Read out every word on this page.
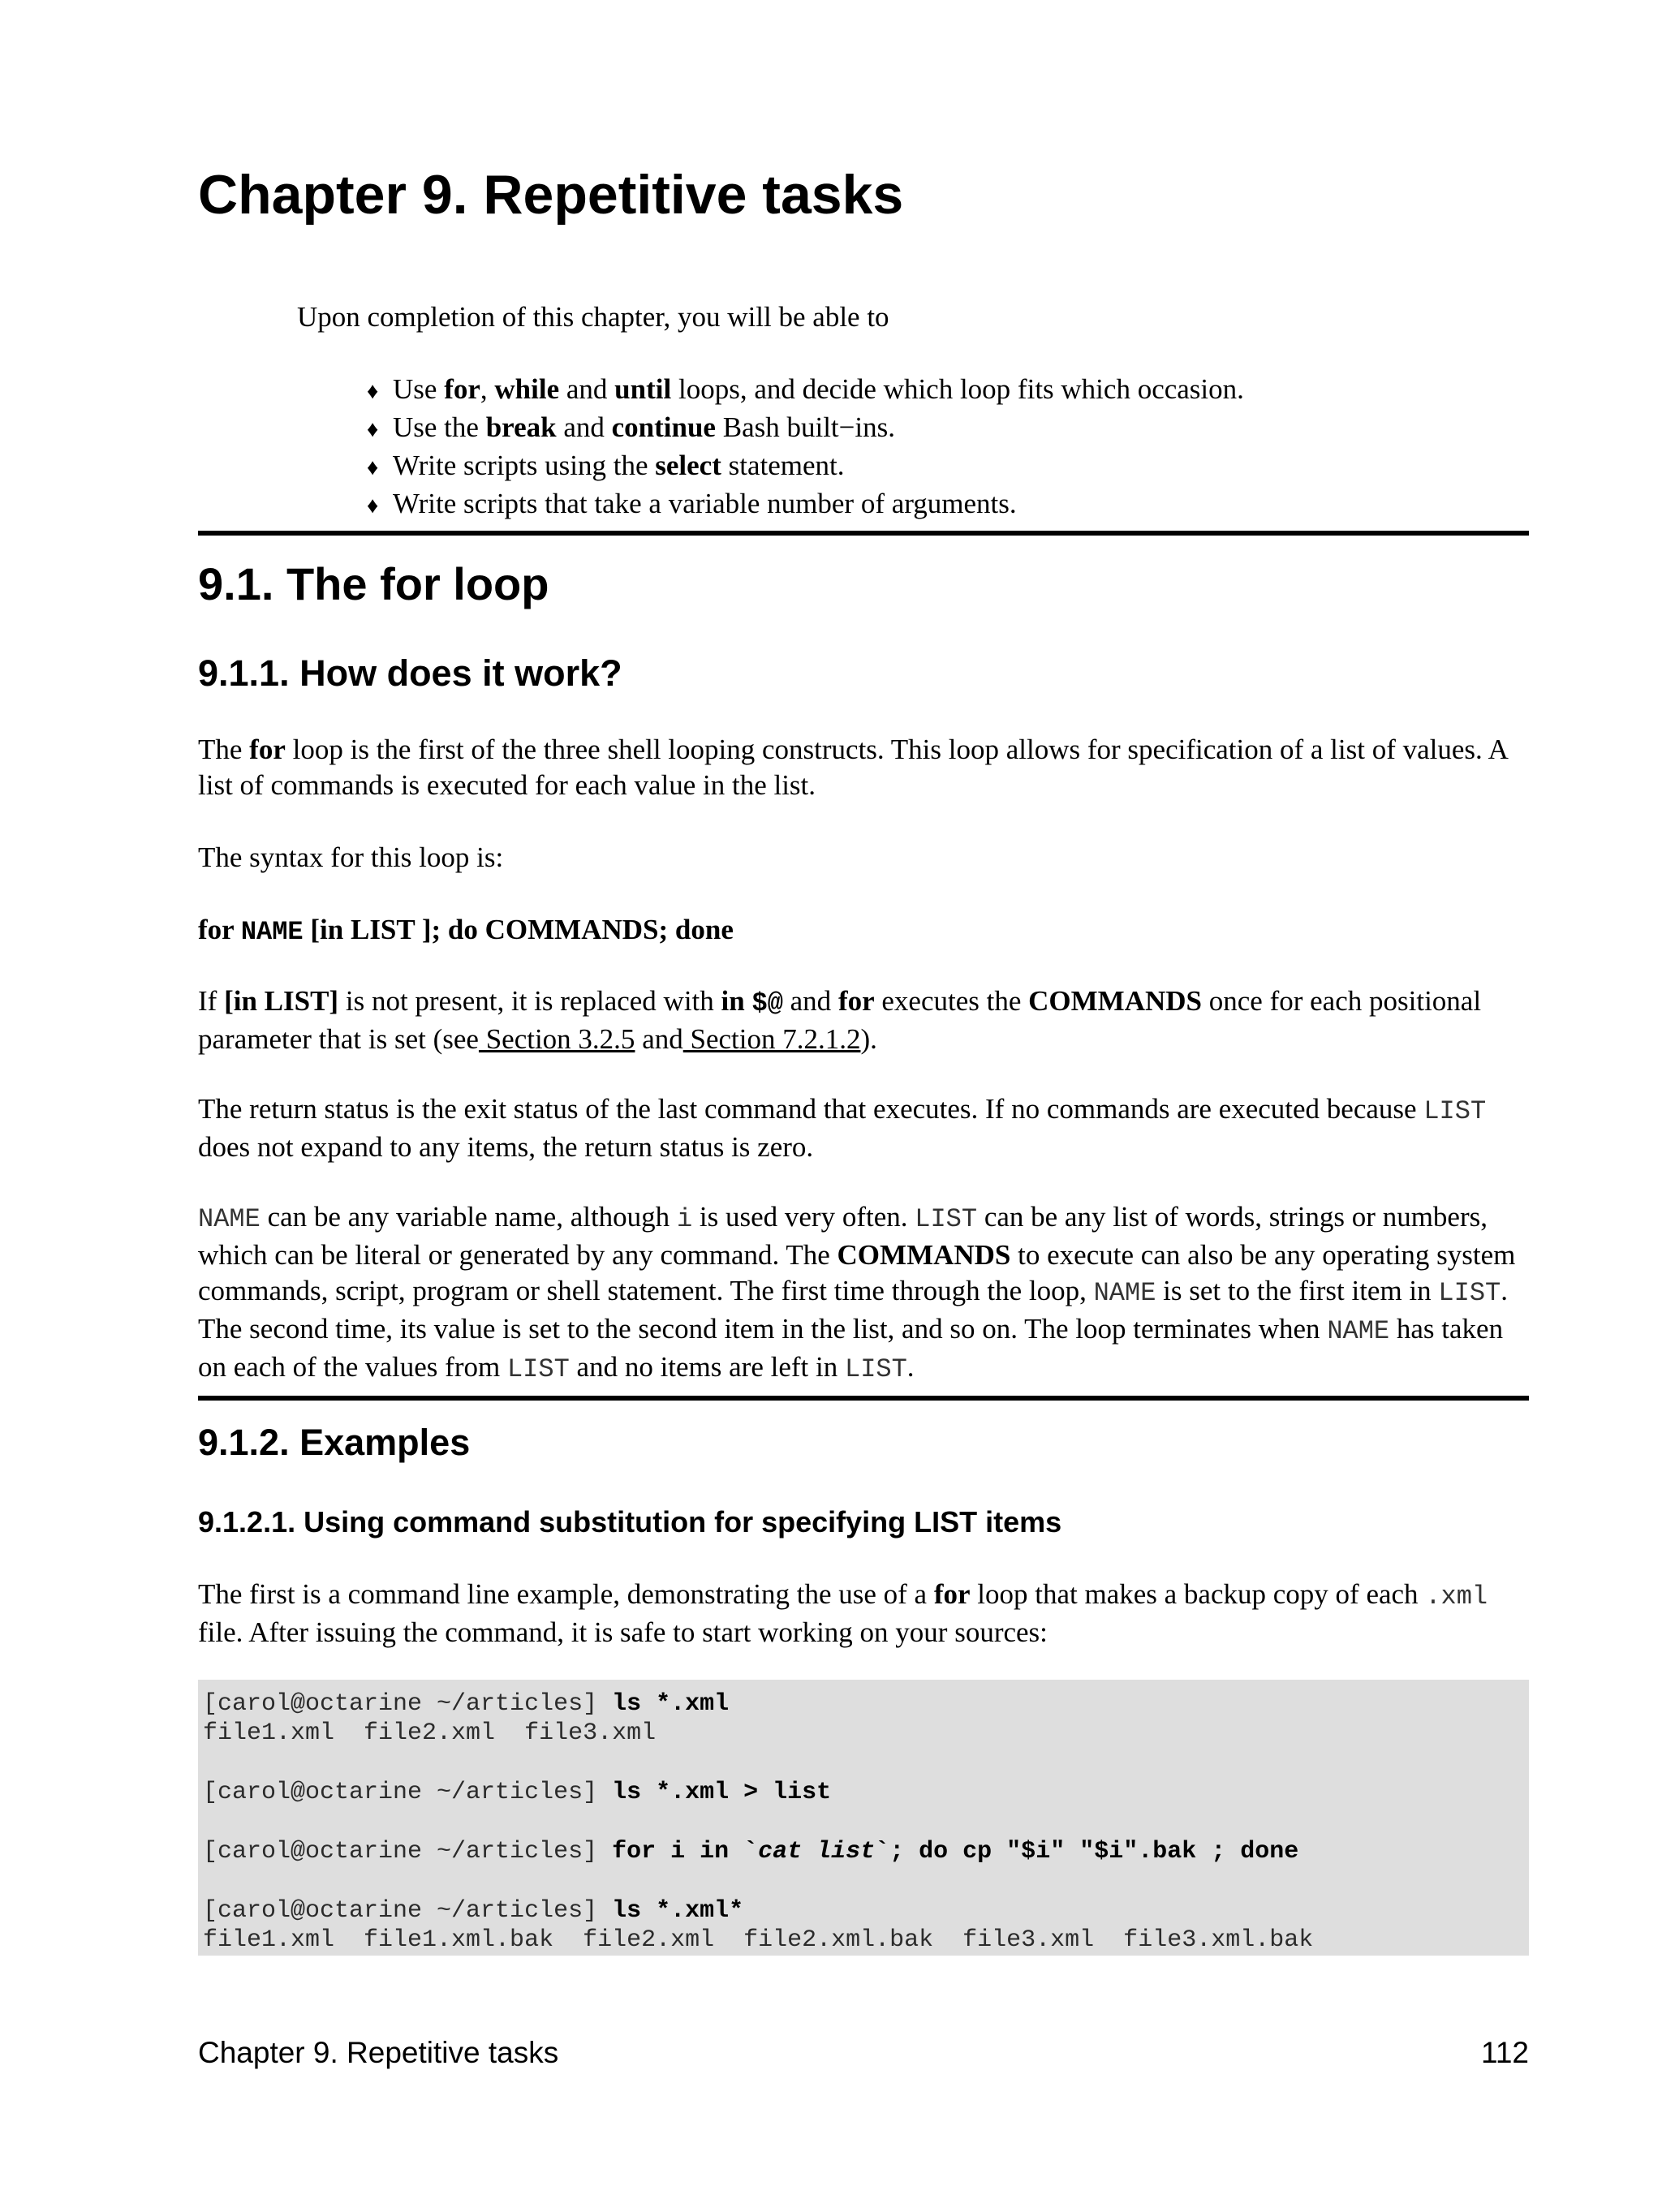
Chapter 9. Repetitive tasks
Upon completion of this chapter, you will be able to
♦ Use for, while and until loops, and decide which loop fits which occasion.
♦ Use the break and continue Bash built−ins.
♦ Write scripts using the select statement.
♦ Write scripts that take a variable number of arguments.
9.1. The for loop
9.1.1. How does it work?

The for loop is the first of the three shell looping constructs. This loop allows for specification of a list of values. A list of commands is executed for each value in the list.

The syntax for this loop is:

for NAME [in LIST ]; do COMMANDS; done

If [in LIST] is not present, it is replaced with in $@ and for executes the COMMANDS once for each positional parameter that is set (see Section 3.2.5 and Section 7.2.1.2).

The return status is the exit status of the last command that executes. If no commands are executed because LIST does not expand to any items, the return status is zero.

NAME can be any variable name, although i is used very often. LIST can be any list of words, strings or numbers, which can be literal or generated by any command. The COMMANDS to execute can also be any operating system commands, script, program or shell statement. The first time through the loop, NAME is set to the first item in LIST. The second time, its value is set to the second item in the list, and so on. The loop terminates when NAME has taken on each of the values from LIST and no items are left in LIST.

9.1.2. Examples
9.1.2.1. Using command substitution for specifying LIST items

The first is a command line example, demonstrating the use of a for loop that makes a backup copy of each .xml file. After issuing the command, it is safe to start working on your sources:

[carol@octarine ~/articles] ls *.xml
file1.xml  file2.xml  file3.xml
[carol@octarine ~/articles] ls *.xml > list
[carol@octarine ~/articles] for i in `cat list`; do cp "$i" "$i".bak ; done
[carol@octarine ~/articles] ls *.xml*
file1.xml  file1.xml.bak  file2.xml  file2.xml.bak  file3.xml  file3.xml.bak
Chapter 9. Repetitive tasks	112
